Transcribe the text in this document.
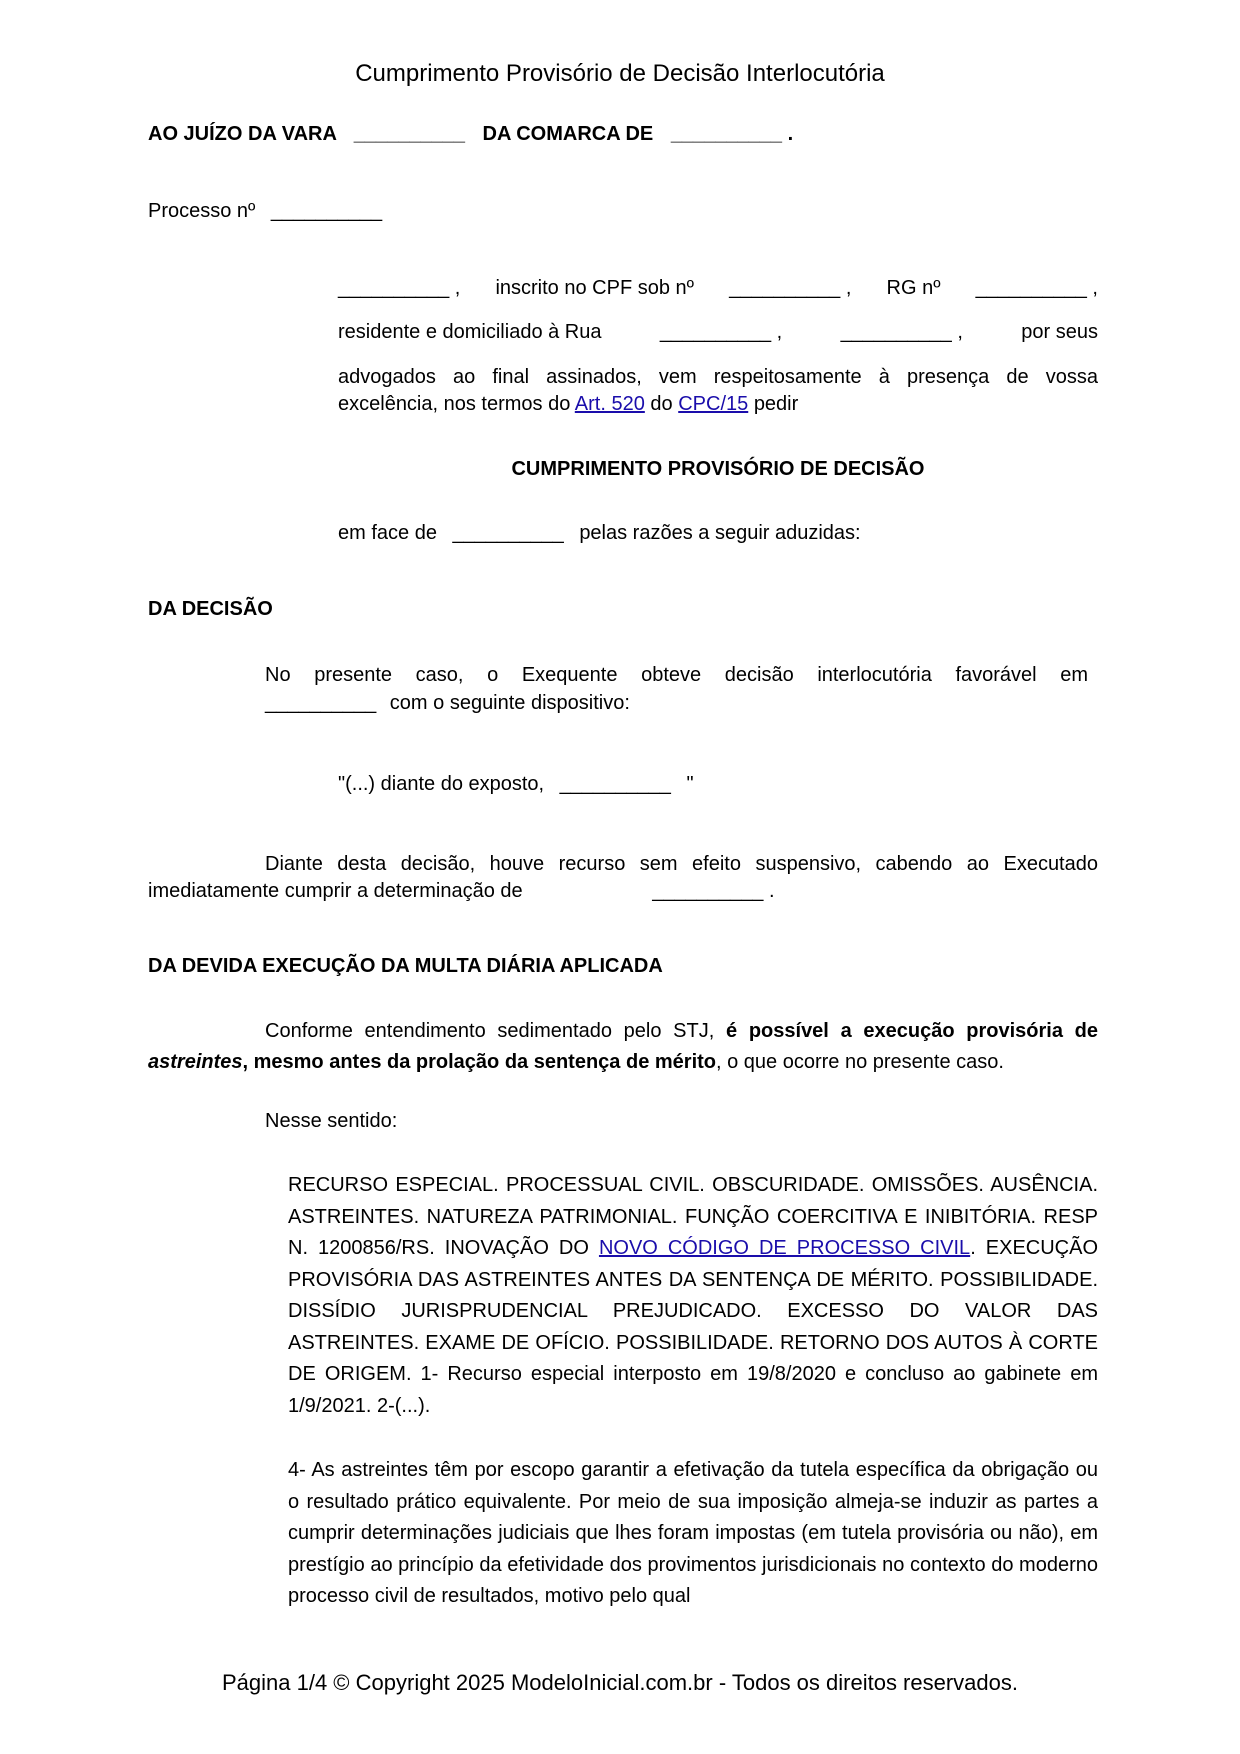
Cumprimento Provisório de Decisão Interlocutória
AO JUÍZO DA VARA __________ DA COMARCA DE __________ .
Processo nº __________
__________ , inscrito no CPF sob nº __________ , RG nº __________ ,
residente e domiciliado à Rua	__________ ,	__________ ,	por seus
advogados ao final assinados, vem respeitosamente à presença de vossa
excelência, nos termos do Art. 520 do CPC/15 pedir
CUMPRIMENTO PROVISÓRIO DE DECISÃO
em face de __________ pelas razões a seguir aduzidas:
DA DECISÃO
No presente caso, o Exequente obteve decisão interlocutória favorável em
__________ com o seguinte dispositivo:
"(...) diante do exposto, __________ "
Diante desta decisão, houve recurso sem efeito suspensivo, cabendo ao Executado
imediatamente cumprir a determinação de	__________ .
DA DEVIDA EXECUÇÃO DA MULTA DIÁRIA APLICADA
Conforme entendimento sedimentado pelo STJ, é possível a execução provisória de astreintes, mesmo antes da prolação da sentença de mérito, o que ocorre no presente caso.
Nesse sentido:
RECURSO ESPECIAL. PROCESSUAL CIVIL. OBSCURIDADE. OMISSÕES. AUSÊNCIA. ASTREINTES. NATUREZA PATRIMONIAL. FUNÇÃO COERCITIVA E INIBITÓRIA. RESP N. 1200856/RS. INOVAÇÃO DO NOVO CÓDIGO DE PROCESSO CIVIL. EXECUÇÃO PROVISÓRIA DAS ASTREINTES ANTES DA SENTENÇA DE MÉRITO. POSSIBILIDADE. DISSÍDIO JURISPRUDENCIAL PREJUDICADO. EXCESSO DO VALOR DAS ASTREINTES. EXAME DE OFÍCIO. POSSIBILIDADE. RETORNO DOS AUTOS À CORTE DE ORIGEM. 1- Recurso especial interposto em 19/8/2020 e concluso ao gabinete em 1/9/2021. 2-(...).
4- As astreintes têm por escopo garantir a efetivação da tutela específica da obrigação ou o resultado prático equivalente. Por meio de sua imposição almeja-se induzir as partes a cumprir determinações judiciais que lhes foram impostas (em tutela provisória ou não), em prestígio ao princípio da efetividade dos provimentos jurisdicionais no contexto do moderno processo civil de resultados, motivo pelo qual
Página 1/4 © Copyright 2025 ModeloInicial.com.br - Todos os direitos reservados.
